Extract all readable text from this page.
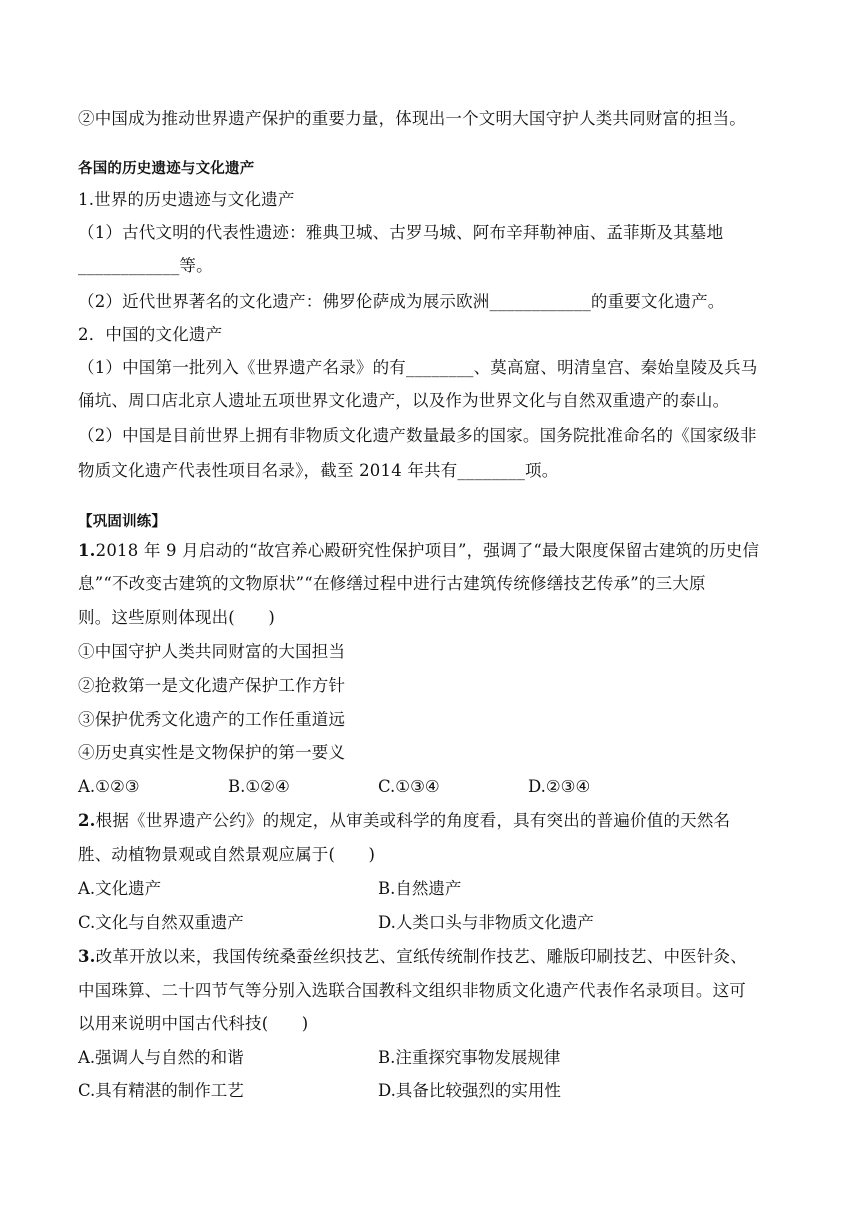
②中国成为推动世界遗产保护的重要力量，体现出一个文明大国守护人类共同财富的担当。
各国的历史遗迹与文化遗产
1.世界的历史遗迹与文化遗产
（1）古代文明的代表性遗迹：雅典卫城、古罗马城、阿布辛拜勒神庙、孟菲斯及其墓地
____________等。
（2）近代世界著名的文化遗产：佛罗伦萨成为展示欧洲____________的重要文化遗产。
2．中国的文化遗产
（1）中国第一批列入《世界遗产名录》的有________、莫高窟、明清皇宫、秦始皇陵及兵马
俑坑、周口店北京人遗址五项世界文化遗产，以及作为世界文化与自然双重遗产的泰山。
（2）中国是目前世界上拥有非物质文化遗产数量最多的国家。国务院批准命名的《国家级非
物质文化遗产代表性项目名录》，截至 2014 年共有________项。
【巩固训练】
1.2018 年 9 月启动的“故宫养心殿研究性保护项目”，强调了“最大限度保留古建筑的历史信
息”“不改变古建筑的文物原状”“在修缮过程中进行古建筑传统修缮技艺传承”的三大原
则。这些原则体现出(　　)
①中国守护人类共同财富的大国担当
②抢救第一是文化遗产保护工作方针
③保护优秀文化遗产的工作任重道远
④历史真实性是文物保护的第一要义
A.①②③	B.①②④	C.①③④	D.②③④
2.根据《世界遗产公约》的规定，从审美或科学的角度看，具有突出的普遍价值的天然名
胜、动植物景观或自然景观应属于(　　)
A.文化遗产	B.自然遗产
C.文化与自然双重遗产	D.人类口头与非物质文化遗产
3.改革开放以来，我国传统桑蚕丝织技艺、宣纸传统制作技艺、雕版印刷技艺、中医针灸、
中国珠算、二十四节气等分别入选联合国教科文组织非物质文化遗产代表作名录项目。这可
以用来说明中国古代科技(　　)
A.强调人与自然的和谐	B.注重探究事物发展规律
C.具有精湛的制作工艺	D.具备比较强烈的实用性
